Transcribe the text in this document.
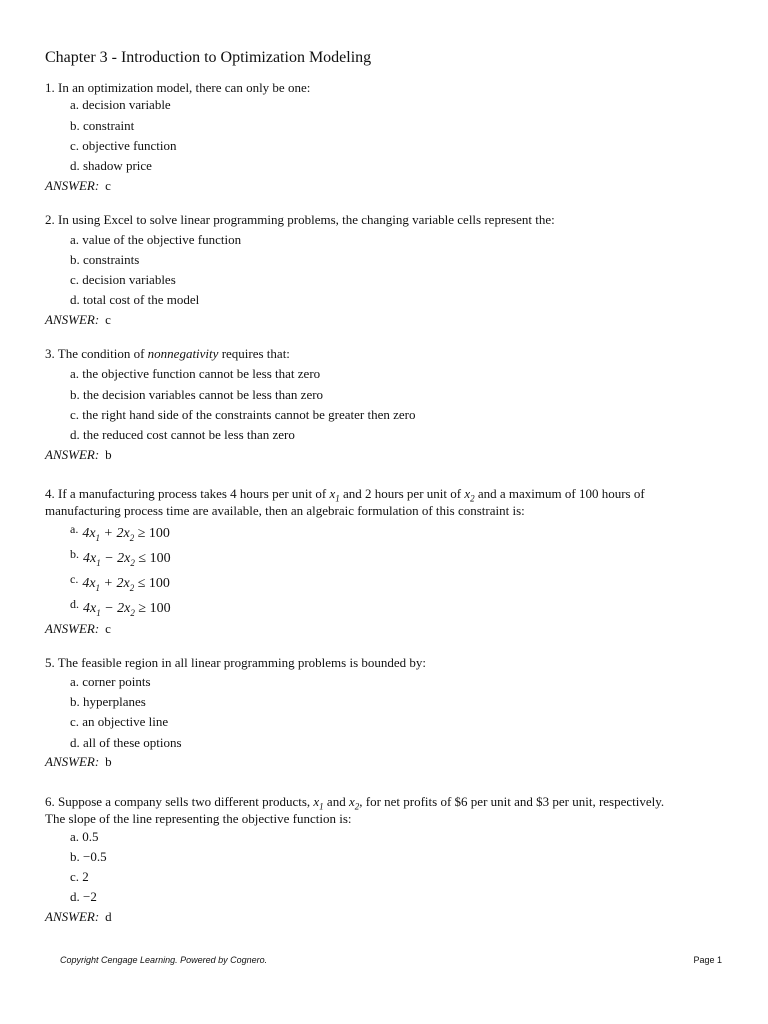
Chapter 3 - Introduction to Optimization Modeling
1. In an optimization model, there can only be one:
a. decision variable
b. constraint
c. objective function
d. shadow price
ANSWER: c
2. In using Excel to solve linear programming problems, the changing variable cells represent the:
a. value of the objective function
b. constraints
c. decision variables
d. total cost of the model
ANSWER: c
3. The condition of nonnegativity requires that:
a. the objective function cannot be less that zero
b. the decision variables cannot be less than zero
c. the right hand side of the constraints cannot be greater then zero
d. the reduced cost cannot be less than zero
ANSWER: b
4. If a manufacturing process takes 4 hours per unit of $x_1$ and 2 hours per unit of $x_2$ and a maximum of 100 hours of
manufacturing process time are available, then an algebraic formulation of this constraint is:
a. $4x_1 + 2x_2 \ge 100$
b. $4x_1 - 2x_2 \le 100$
c. $4x_1 + 2x_2 \le 100$
d. $4x_1 - 2x_2 \ge 100$
ANSWER: c
5. The feasible region in all linear programming problems is bounded by:
a. corner points
b. hyperplanes
c. an objective line
d. all of these options
ANSWER: b
6. Suppose a company sells two different products, $x_1$ and $x_2$, for net profits of $6 per unit and $3 per unit, respectively.
The slope of the line representing the objective function is:
a. 0.5
b. −0.5
c. 2
d. −2
ANSWER: d
Copyright Cengage Learning. Powered by Cognero.	Page 1
